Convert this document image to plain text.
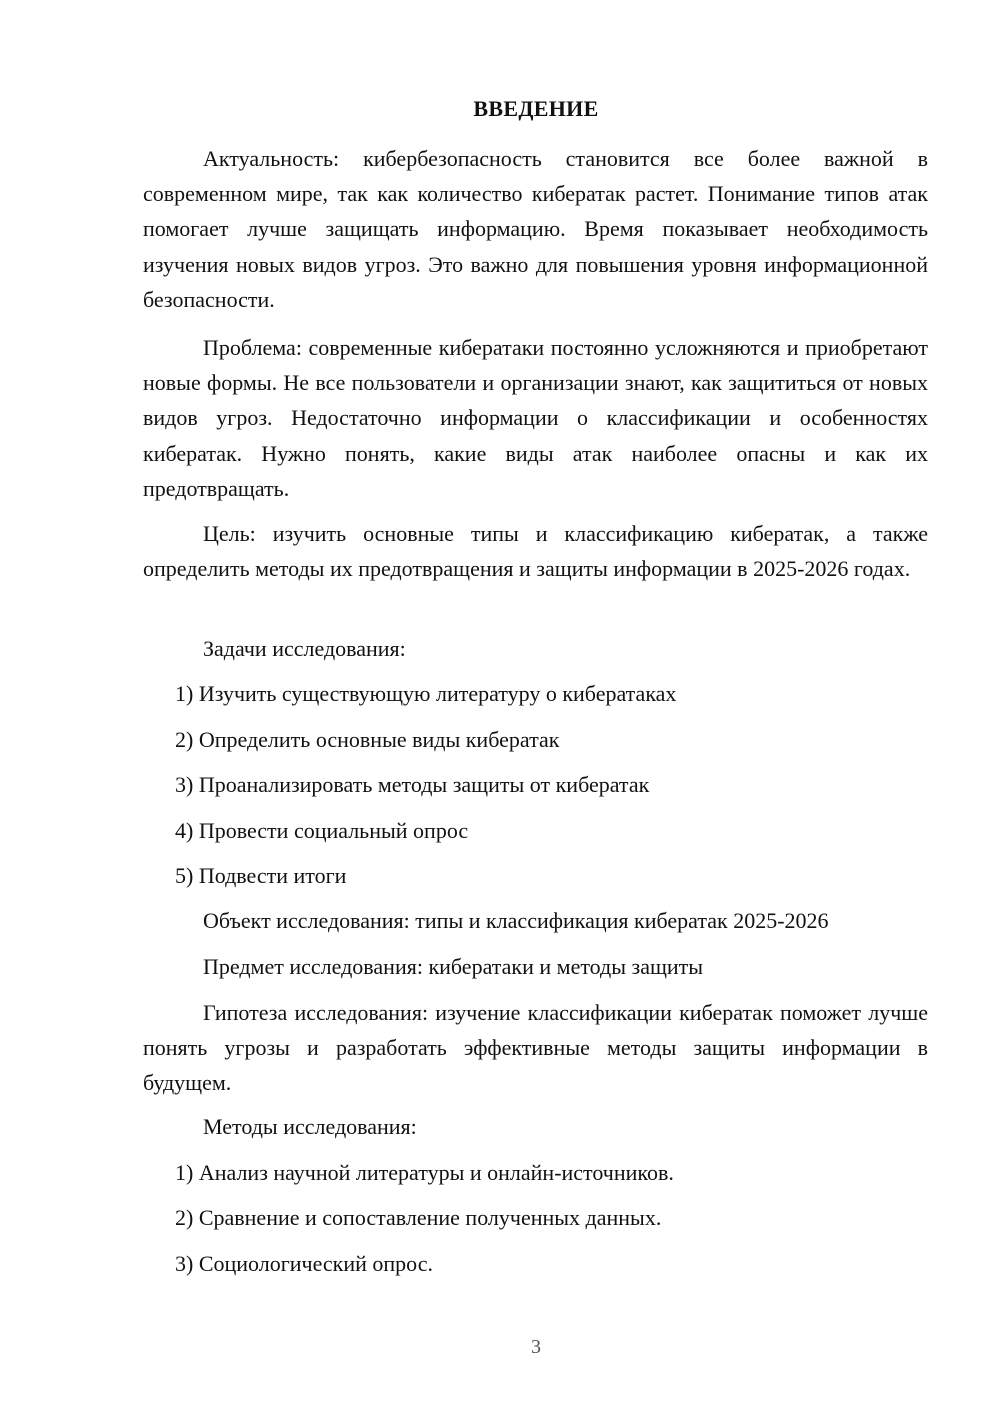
ВВЕДЕНИЕ

Актуальность: кибербезопасность становится все более важной в современном мире, так как количество кибератак растет. Понимание типов атак помогает лучше защищать информацию. Время показывает необходимость изучения новых видов угроз. Это важно для повышения уровня информационной безопасности.

Проблема: современные кибератаки постоянно усложняются и приобретают новые формы. Не все пользователи и организации знают, как защититься от новых видов угроз. Недостаточно информации о классификации и особенностях кибератак. Нужно понять, какие виды атак наиболее опасны и как их предотвращать.

Цель: изучить основные типы и классификацию кибератак, а также определить методы их предотвращения и защиты информации в 2025-2026 годах.

Задачи исследования:

1) Изучить существующую литературу о кибератаках

2) Определить основные виды кибератак

3) Проанализировать методы защиты от кибератак

4) Провести социальный опрос

5) Подвести итоги

Объект исследования: типы и классификация кибератак 2025-2026

Предмет исследования: кибератаки и методы защиты

Гипотеза исследования: изучение классификации кибератак поможет лучше понять угрозы и разработать эффективные методы защиты информации в будущем.

Методы исследования:

1) Анализ научной литературы и онлайн-источников.

2) Сравнение и сопоставление полученных данных.

3) Социологический опрос.

3
